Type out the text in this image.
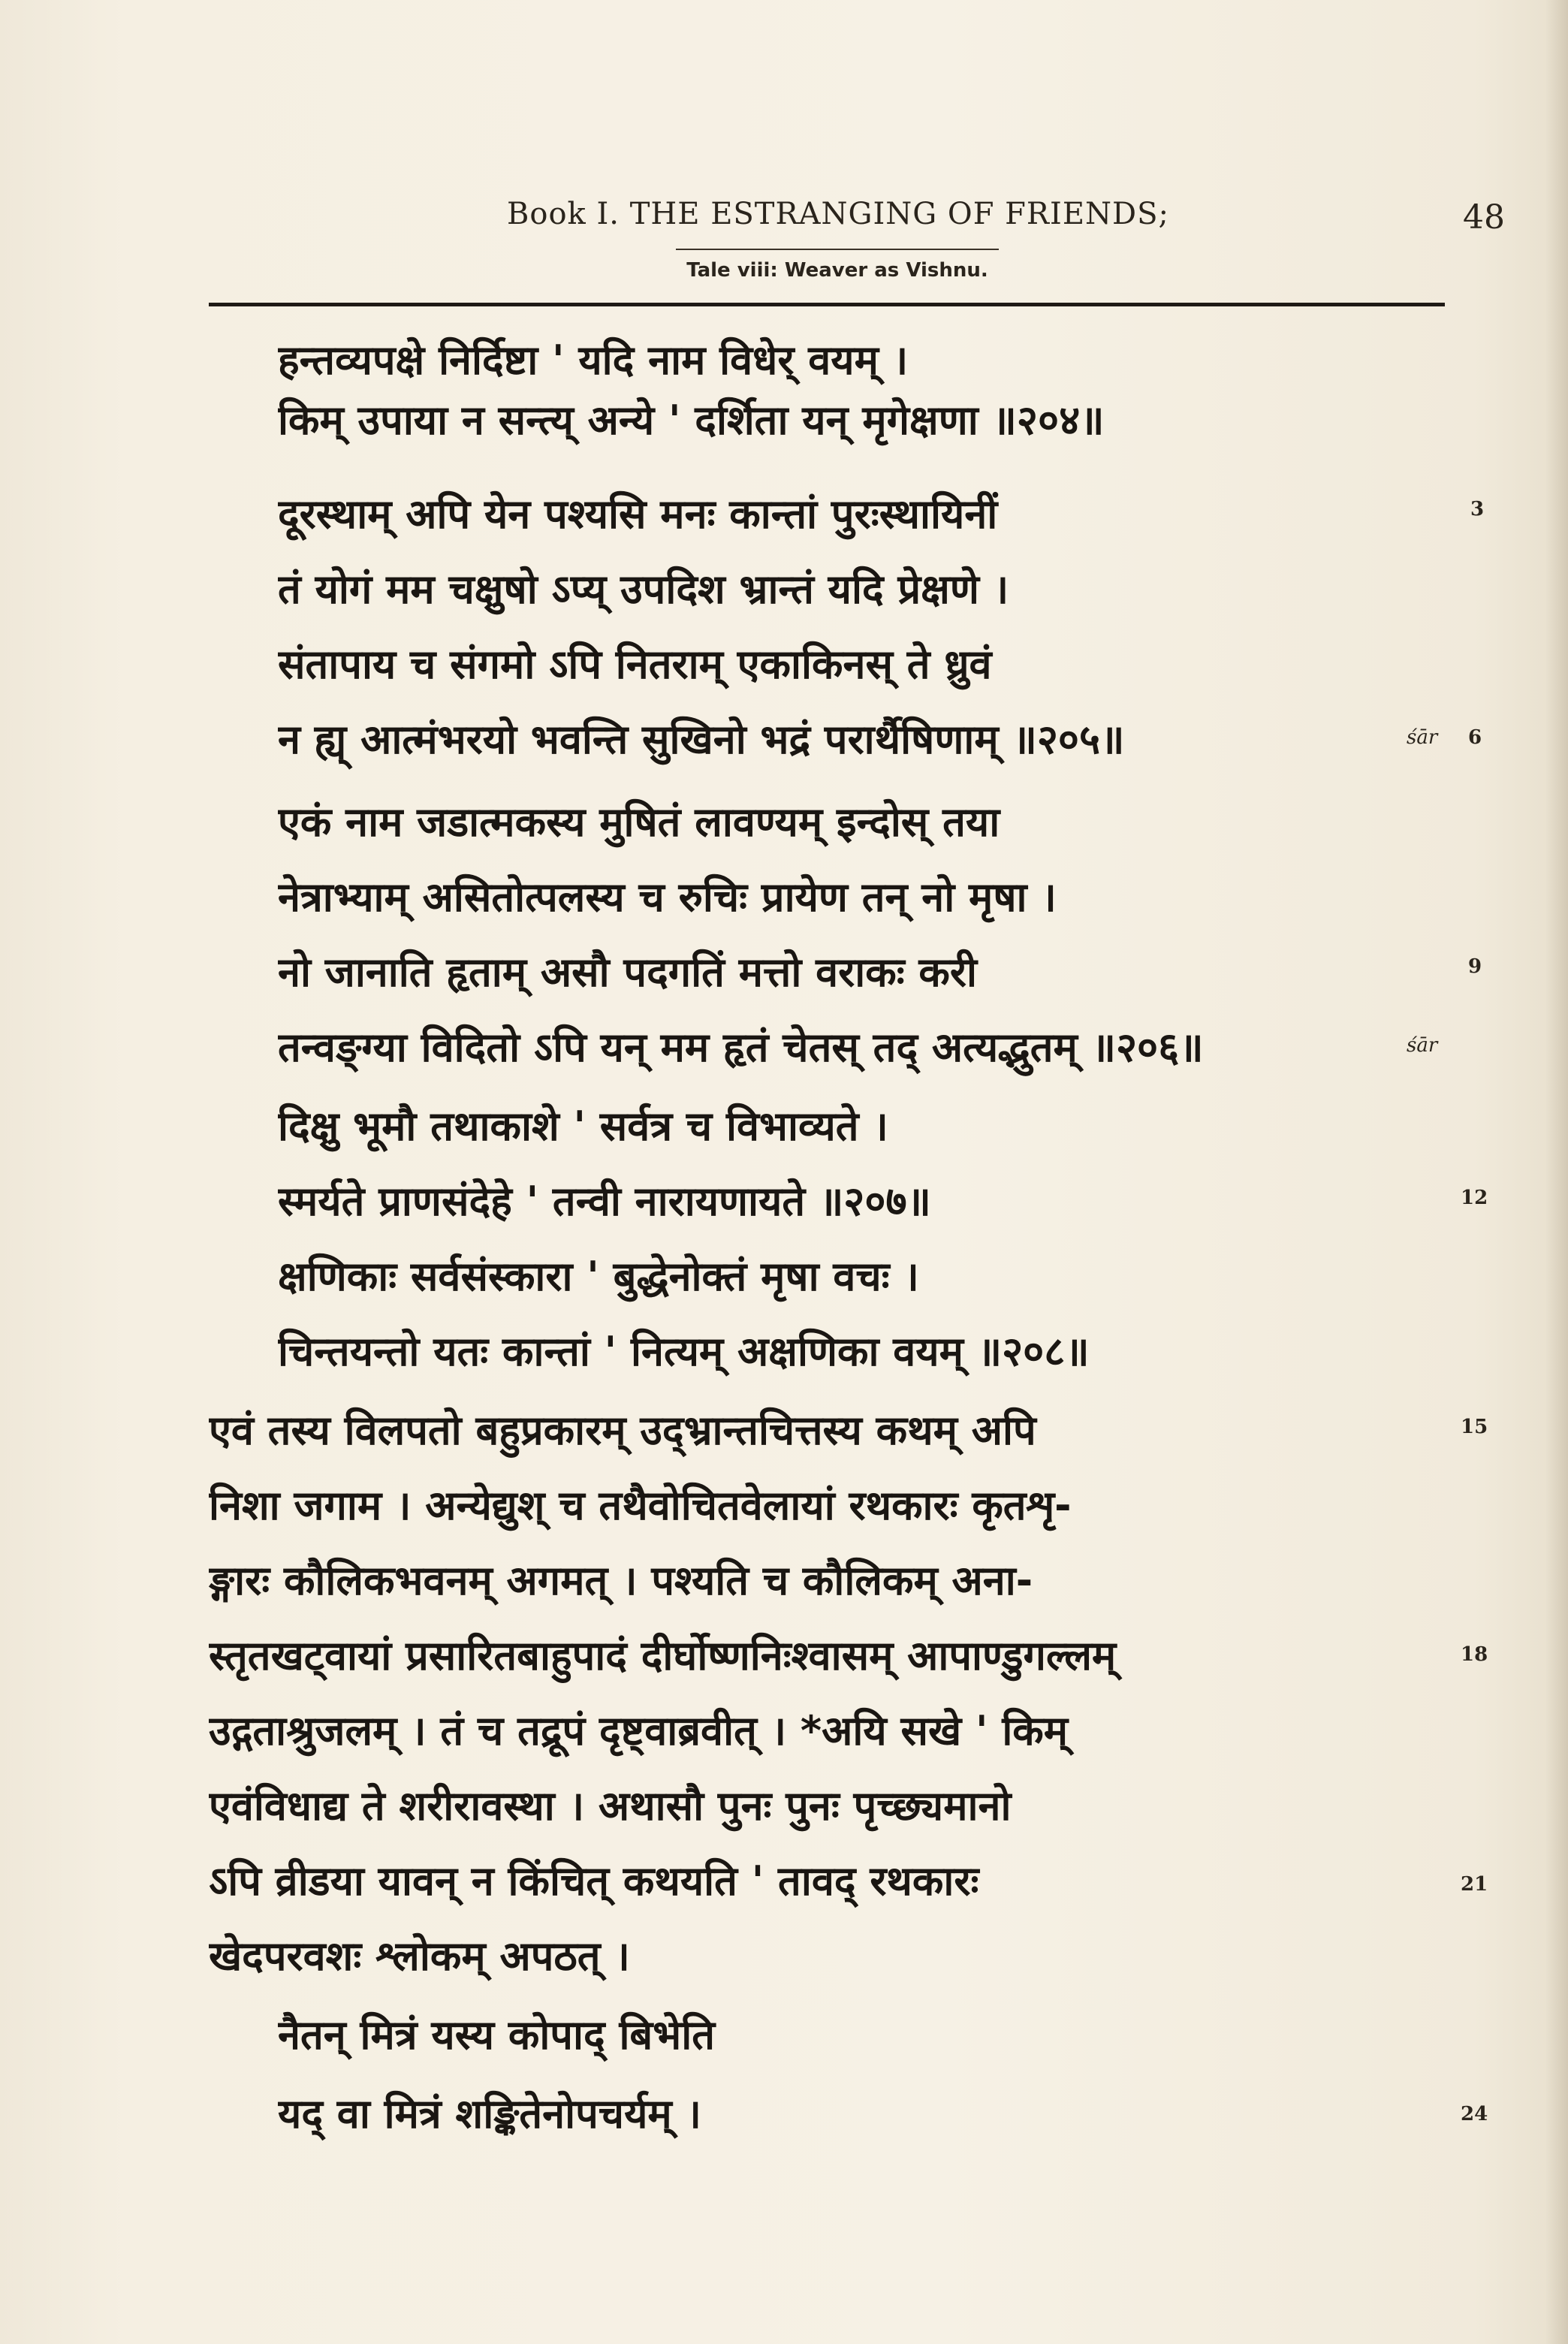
Book I. THE ESTRANGING OF FRIENDS;	48
Tale viii: Weaver as Vishnu.
हन्तव्यपक्षे निर्दिष्टा ' यदि नाम विधेर् वयम् ।
किम् उपाया न सन्त्य् अन्ये ' दर्शिता यन् मृगेक्षणा ॥२०४॥
दूरस्थाम् अपि येन पश्यसि मनः कान्तां पुरःस्थायिनीं
तं योगं मम चक्षुषो ऽप्य् उपदिश भ्रान्तं यदि प्रेक्षणे ।
संतापाय च संगमो ऽपि नितराम् एकाकिनस् ते ध्रुवं
न ह्य् आत्मंभरयो भवन्ति सुखिनो भद्रं परार्थैषिणाम् ॥२०५॥
एकं नाम जडात्मकस्य मुषितं लावण्यम् इन्दोस् तया
नेत्राभ्याम् असितोत्पलस्य च रुचिः प्रायेण तन् नो मृषा ।
नो जानाति हृताम् असौ पदगतिं मत्तो वराकः करी
तन्वङ्ग्या विदितो ऽपि यन् मम हृतं चेतस् तद् अत्यद्भुतम् ॥२०६॥
दिक्षु भूमौ तथाकाशे ' सर्वत्र च विभाव्यते ।
स्मर्यते प्राणसंदेहे ' तन्वी नारायणायते ॥२०७॥
क्षणिकाः सर्वसंस्कारा ' बुद्धेनोक्तं मृषा वचः ।
चिन्तयन्तो यतः कान्तां ' नित्यम् अक्षणिका वयम् ॥२०८॥
एवं तस्य विलपतो बहुप्रकारम् उद्भ्रान्तचित्तस्य कथम् अपि
निशा जगाम । अन्येद्युश् च तथैवोचितवेलायां रथकारः कृतशृ-
ङ्गारः कौलिकभवनम् अगमत् । पश्यति च कौलिकम् अना-
स्तृतखट्वायां प्रसारितबाहुपादं दीर्घोष्णनिःश्वासम् आपाण्डुगल्लम्
उद्गताश्रुजलम् । तं च तद्रूपं दृष्ट्वाब्रवीत् । *अयि सखे ' किम्
एवंविधाद्य ते शरीरावस्था । अथासौ पुनः पुनः पृच्छ्यमानो
ऽपि व्रीडया यावन् न किंचित् कथयति ' तावद् रथकारः
खेदपरवशः श्लोकम् अपठत् ।
नैतन् मित्रं यस्य कोपाद् बिभेति
यद् वा मित्रं शङ्कितेनोपचर्यम् ।
3
6
9
12
15
18
21
24
śār
śār
